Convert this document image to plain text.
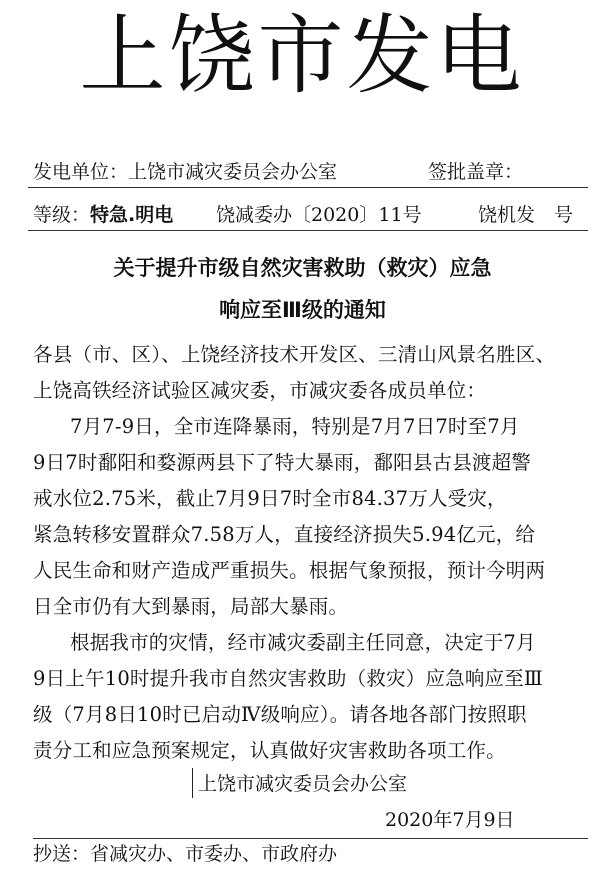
上饶市发电
发电单位：上饶市减灾委员会办公室	签批盖章：
等级：特急.明电 饶减委办〔2020〕11号	饶机发　号
关于提升市级自然灾害救助（救灾）应急
响应至Ⅲ级的通知
各县（市、区）、上饶经济技术开发区、三清山风景名胜区、
上饶高铁经济试验区减灾委，市减灾委各成员单位：
7月7-9日，全市连降暴雨，特别是7月7日7时至7月
9日7时鄱阳和婺源两县下了特大暴雨，鄱阳县古县渡超警
戒水位2.75米，截止7月9日7时全市84.37万人受灾，
紧急转移安置群众7.58万人，直接经济损失5.94亿元，给
人民生命和财产造成严重损失。根据气象预报，预计今明两
日全市仍有大到暴雨，局部大暴雨。
根据我市的灾情，经市减灾委副主任同意，决定于7月
9日上午10时提升我市自然灾害救助（救灾）应急响应至Ⅲ
级（7月8日10时已启动Ⅳ级响应）。请各地各部门按照职
责分工和应急预案规定，认真做好灾害救助各项工作。
上饶市减灾委员会办公室
2020年7月9日
抄送：省减灾办、市委办、市政府办
